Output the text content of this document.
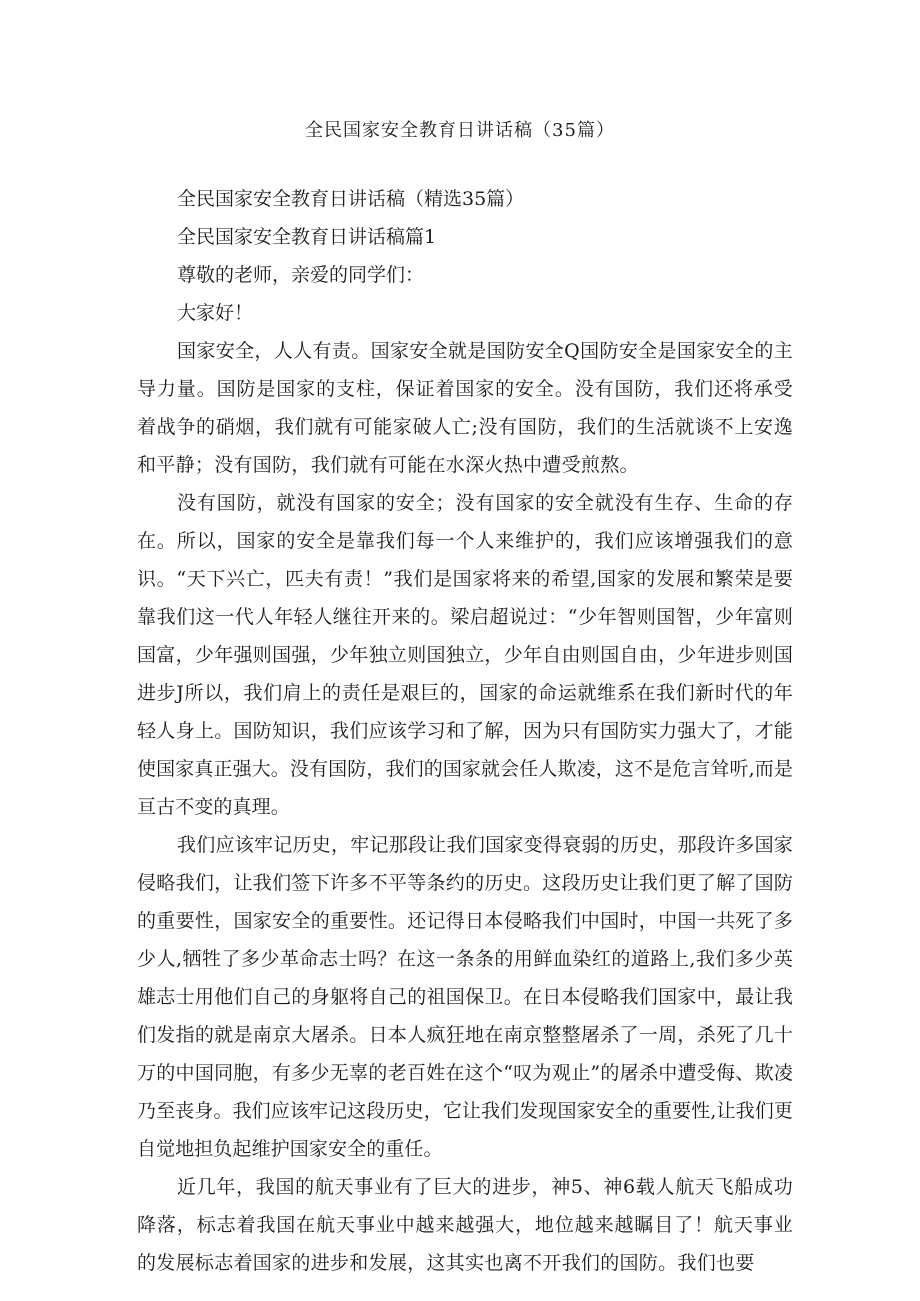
全民国家安全教育日讲话稿（35篇）

全民国家安全教育日讲话稿（精选35篇）

全民国家安全教育日讲话稿篇1

尊敬的老师，亲爱的同学们：

大家好！

国家安全，人人有责。国家安全就是国防安全Q国防安全是国家安全的主导力量。国防是国家的支柱，保证着国家的安全。没有国防，我们还将承受着战争的硝烟，我们就有可能家破人亡;没有国防，我们的生活就谈不上安逸和平静；没有国防，我们就有可能在水深火热中遭受煎熬。

没有国防，就没有国家的安全；没有国家的安全就没有生存、生命的存在。所以，国家的安全是靠我们每一个人来维护的，我们应该增强我们的意识。“天下兴亡，匹夫有责！”我们是国家将来的希望,国家的发展和繁荣是要靠我们这一代人年轻人继往开来的。梁启超说过：“少年智则国智，少年富则国富，少年强则国强，少年独立则国独立，少年自由则国自由，少年进步则国进步J所以，我们肩上的责任是艰巨的，国家的命运就维系在我们新时代的年轻人身上。国防知识，我们应该学习和了解，因为只有国防实力强大了，才能使国家真正强大。没有国防，我们的国家就会任人欺凌，这不是危言耸听,而是亘古不变的真理。

我们应该牢记历史，牢记那段让我们国家变得衰弱的历史，那段许多国家侵略我们，让我们签下许多不平等条约的历史。这段历史让我们更了解了国防的重要性，国家安全的重要性。还记得日本侵略我们中国时，中国一共死了多少人,牺牲了多少革命志士吗？在这一条条的用鲜血染红的道路上,我们多少英雄志士用他们自己的身躯将自己的祖国保卫。在日本侵略我们国家中，最让我们发指的就是南京大屠杀。日本人疯狂地在南京整整屠杀了一周，杀死了几十万的中国同胞，有多少无辜的老百姓在这个“叹为观止”的屠杀中遭受侮、欺凌乃至丧身。我们应该牢记这段历史，它让我们发现国家安全的重要性,让我们更自觉地担负起维护国家安全的重任。

近几年，我国的航天事业有了巨大的进步，神5、神6载人航天飞船成功降落，标志着我国在航天事业中越来越强大，地位越来越瞩目了！航天事业的发展标志着国家的进步和发展，这其实也离不开我们的国防。我们也要
